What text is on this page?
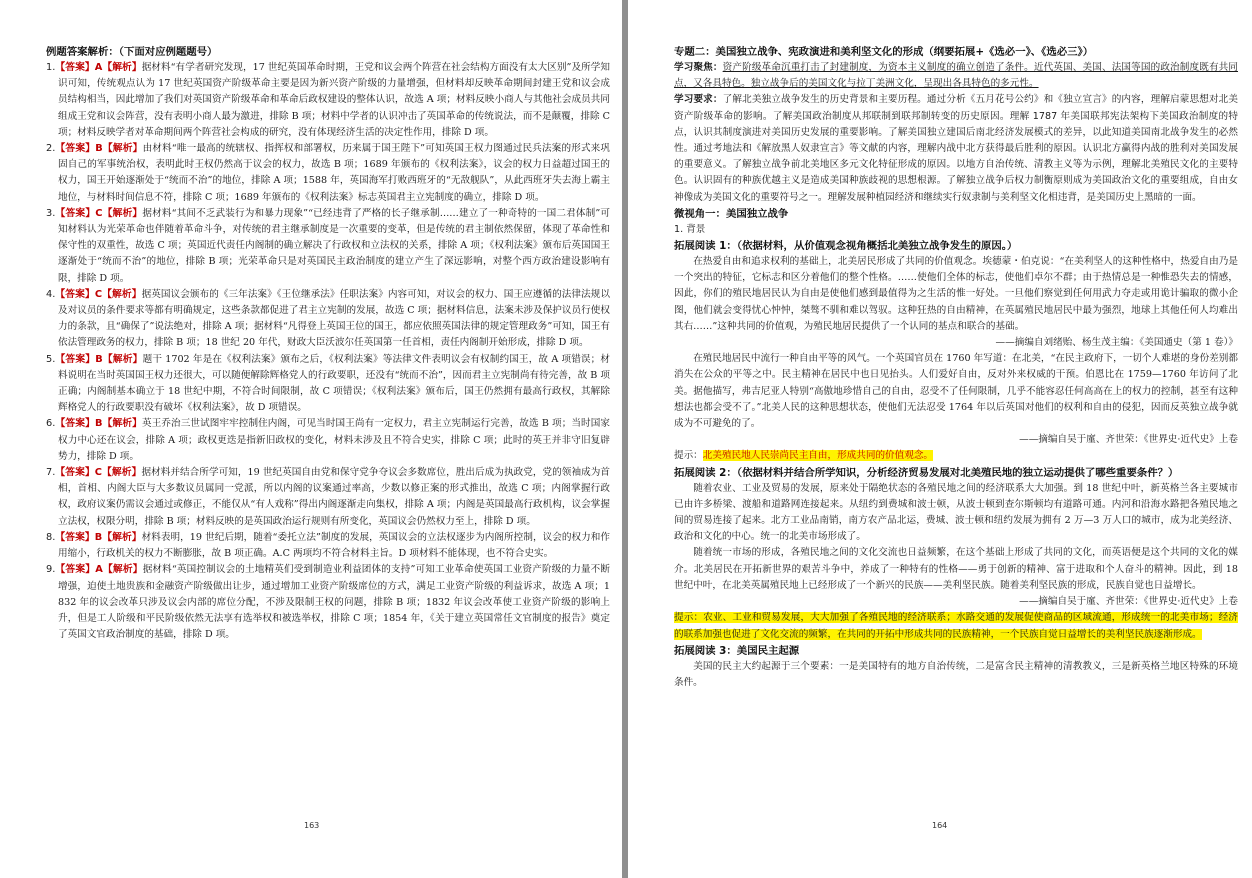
例题答案解析：（下面对应例题题号）
1.【答案】A【解析】据材料“有学者研究发现，17 世纪英国革命时期，王党和议会两个阵营在社会结构方面没有太大区别”及所学知识可知，传统观点认为 17 世纪英国资产阶级革命主要是因为新兴资产阶级的力量增强，但材料却反映革命期间封建王党和议会成员结构相当，因此增加了我们对英国资产阶级革命和革命后政权建设的整体认识，故选 A 项；材料反映小商人与其他社会成员共同组成王党和议会阵营，没有表明小商人最为激进，排除 B 项；材料中学者的认识冲击了英国革命的传统说法，而不是颠覆，排除 C 项；材料反映学者对革命期间两个阵营社会构成的研究，没有体现经济生活的决定性作用，排除 D 项。
2.【答案】B【解析】由材料“唯一最高的统辖权、指挥权和部署权，历来属于国王陛下”可知英国王权力图通过民兵法案的形式来巩固自己的军事统治权，表明此时王权仍然高于议会的权力，故选 B 项；1689 年颁布的《权利法案》，议会的权力日益超过国王的权力，国王开始逐渐处于“统而不治”的地位，排除 A 项；1588 年，英国海军打败西班牙的“无敌舰队”，从此西班牙失去海上霸主地位，与材料时间信息不符，排除 C 项；1689 年颁布的《权利法案》标志英国君主立宪制度的确立，排除 D 项。
3.【答案】C【解析】据材料“其间不乏武装行为和暴力现象”“已经违背了严格的长子继承制……建立了一种奇特的一国二君体制”可知材料认为光荣革命也伴随着革命斗争，对传统的君主继承制度是一次重要的变革，但是传统的君主制依然保留，体现了革命性和保守性的双重性，故选 C 项；英国近代责任内阁制的确立解决了行政权和立法权的关系，排除 A 项；《权利法案》颁布后英国国王逐渐处于“统而不治”的地位，排除 B 项；光荣革命只是对英国民主政治制度的建立产生了深远影响，对整个西方政治建设影响有限，排除 D 项。
4.【答案】C【解析】据英国议会颁布的《三年法案》《王位继承法》任职法案》内容可知，对议会的权力、国王应遵循的法律法规以及对议员的条件要求等都有明确规定，这些条款都促进了君主立宪制的发展，故选 C 项；据材料信息，法案未涉及保护议员行使权力的条款，且“确保了”说法绝对，排除 A 项；据材料“凡得登上英国王位的国王，都应依照英国法律的规定管理政务”可知，国王有依法管理政务的权力，排除 B 项；18 世纪 20 年代，财政大臣沃波尔任英国第一任首相，责任内阁制开始形成，排除 D 项。
5.【答案】B【解析】题干 1702 年是在《权利法案》颁布之后，《权利法案》等法律文件表明议会有权制约国王，故 A 项错误；材料说明在当时英国国王权力还很大，可以随便解除辉格党人的行政要职，还没有“统而不治”，因而君主立宪制尚有待完善，故 B 项正确；内阁制基本确立于 18 世纪中期，不符合时间限制，故 C 项错误；《权利法案》颁布后，国王仍然拥有最高行政权，其解除辉格党人的行政要职没有破坏《权利法案》，故 D 项错误。
6.【答案】B【解析】英王乔治三世试图牢牢控制住内阁，可见当时国王尚有一定权力，君主立宪制运行完善，故选 B 项；当时国家权力中心还在议会，排除 A 项；政权更迭是指新旧政权的变化，材料未涉及且不符合史实，排除 C 项；此时的英王并非守旧复辟势力，排除 D 项。
7.【答案】C【解析】据材料并结合所学可知，19 世纪英国自由党和保守党争夺议会多数席位，胜出后成为执政党，党的领袖成为首相，首相、内阁大臣与大多数议员属同一党派，所以内阁的议案通过率高，少数以修正案的形式推出，故选 C 项；内阁掌握行政权，政府议案仍需议会通过或修正，不能仅从“有人戏称”得出内阁逐渐走向集权，排除 A 项；内阁是英国最高行政机构，议会掌握立法权，权限分明，排除 B 项；材料反映的是英国政治运行规则有所变化，英国议会仍然权力至上，排除 D 项。
8.【答案】B【解析】材料表明，19 世纪后期，随着“委托立法”制度的发展，英国议会的立法权逐步为内阁所控制，议会的权力和作用缩小，行政机关的权力不断膨胀，故 B 项正确。A.C 两项均不符合材料主旨。D 项材料不能体现，也不符合史实。
9.【答案】A【解析】据材料“英国控制议会的土地精英们受到制造业利益团体的支持”可知工业革命使英国工业资产阶级的力量不断增强，迫使土地贵族和金融资产阶级做出让步，通过增加工业资产阶级席位的方式，满足工业资产阶级的利益诉求，故选 A 项；1832 年的议会改革只涉及议会内部的席位分配，不涉及限制王权的问题，排除 B 项；1832 年议会改革使工业资产阶级的影响上升，但是工人阶级和平民阶级依然无法享有选举权和被选举权，排除 C 项；1854 年，《关于建立英国常任文官制度的报告》奠定了英国文官政治制度的基础，排除 D 项。
163
专题二：美国独立战争、宪政演进和美利坚文化的形成（纲要拓展+《选必一》、《选必三》）
学习聚焦：资产阶级革命沉重打击了封建制度，为资本主义制度的确立创造了条件。近代英国、美国、法国等国的政治制度既有共同点，又各具特色。独立战争后的美国文化与拉丁美洲文化，呈现出各具特色的多元性。
学习要求：了解北美独立战争发生的历史背景和主要历程。通过分析《五月花号公约》和《独立宣言》的内容，理解启蒙思想对北美资产阶级革命的影响。了解美国政治制度从邦联制到联邦制转变的历史原因。理解 1787 年美国联邦宪法架构下美国政治制度的特点，认识其制度演进对美国历史发展的重要影响。了解美国独立建国后南北经济发展模式的差异，以此知道美国南北战争发生的必然性。通过考地法和《解放黑人奴隶宣言》等文献的内容，理解内战中北方获得最后胜利的原因。认识北方赢得内战的胜利对美国发展的重要意义。了解独立战争前北美地区多元文化特征形成的原因。以地方自治传统、清教主义等为示例，理解北美殖民文化的主要特色。认识固有的种族优越主义是造成美国种族歧视的思想根源。了解独立战争后权力制衡原则成为美国政治文化的重要组成，自由女神像成为美国文化的重要符号之一。理解发展种植园经济和继续实行奴隶制与美利坚文化相违背，是美国历史上黑暗的一面。
微视角一：美国独立战争
1. 背景
拓展阅读 1：（依据材料，从价值观念视角概括北美独立战争发生的原因。）
在热爱自由和追求权利的基础上，北美居民形成了共同的价值观念。埃德蒙・伯克说：“在美利坚人的这种性格中，热爱自由乃是一个突出的特征，它标志和区分着他们的整个性格。……使他们全体的标志，使他们卓尔不群；由于热情总是一种惟恐失去的情感，因此，你们的殖民地居民认为自由是使他们感到最值得为之生活的惟一好处。一旦他们察觉到任何用武力夺走或用诡计骗取的微小企图，他们就会变得忧心忡忡，桀骜不驯和难以驾驭。这种狂热的自由精神，在英属殖民地居民中最为强烈，地球上其他任何人均难出其右……”这种共同的价值观，为殖民地居民提供了一个认同的基点和联合的基础。
——摘编自刘绪贻、杨生茂主编：《美国通史（第 1 卷）》
在殖民地居民中流行一种自由平等的风气。一个英国官员在 1760 年写道：在北美，“在民主政府下，一切个人难堪的身份差别都消失在公众的平等之中。民主精神在居民中也日见抬头。人们爱好自由，反对外来权威的干预。伯恩比在 1759—1760 年访问了北美。据他描写，弗吉尼亚人特别“高傲地珍惜自己的自由，忍受不了任何限制，几乎不能容忍任何高高在上的权力的控制，甚至有这种想法也都会受不了。”北美人民的这种思想状态，使他们无法忍受 1764 年以后英国对他们的权利和自由的侵犯，因而反英独立战争就成为不可避免的了。
——摘编自吴于廑、齐世荣：《世界史·近代史》上卷
提示：北美殖民地人民崇尚民主自由，形成共同的价值观念。
拓展阅读 2：（依据材料并结合所学知识，分析经济贸易发展对北美殖民地的独立运动提供了哪些重要条件？）
随着农业、工业及贸易的发展，原来处于隔绝状态的各殖民地之间的经济联系大大加强。到 18 世纪中叶，新英格兰各主要城市已由许多桥梁、渡船和道路网连接起来。从纽约到费城和波士顿，从波士顿到查尔斯顿均有道路可通。内河和沿海水路把各殖民地之间的贸易连接了起来。北方工业品南销，南方农产品北运，费城、波士顿和纽约发展为拥有 2 万—3 万人口的城市，成为北美经济、政治和文化的中心。统一的北美市场形成了。
随着统一市场的形成，各殖民地之间的文化交流也日益频繁，在这个基础上形成了共同的文化，而英语便是这个共同的文化的媒介。北美居民在开拓新世界的艰苦斗争中，养成了一种特有的性格——勇于创新的精神、富于进取和个人奋斗的精神。因此，到 18 世纪中叶，在北美英属殖民地上已经形成了一个新兴的民族——美利坚民族。随着美利坚民族的形成，民族自觉也日益增长。
——摘编自吴于廑、齐世荣：《世界史·近代史》上卷
提示：农业、工业和贸易发展，大大加强了各殖民地的经济联系；水路交通的发展促使商品的区域流通，形成统一的北美市场；经济的联系加强也促进了文化交流的频繁，在共同的开拓中形成共同的民族精神，一个民族自觉日益增长的美利坚民族逐渐形成。
拓展阅读 3：美国民主起源
美国的民主大约起源于三个要素：一是美国特有的地方自治传统，二是富含民主精神的清教教义，三是新英格兰地区特殊的环境条件。
164
